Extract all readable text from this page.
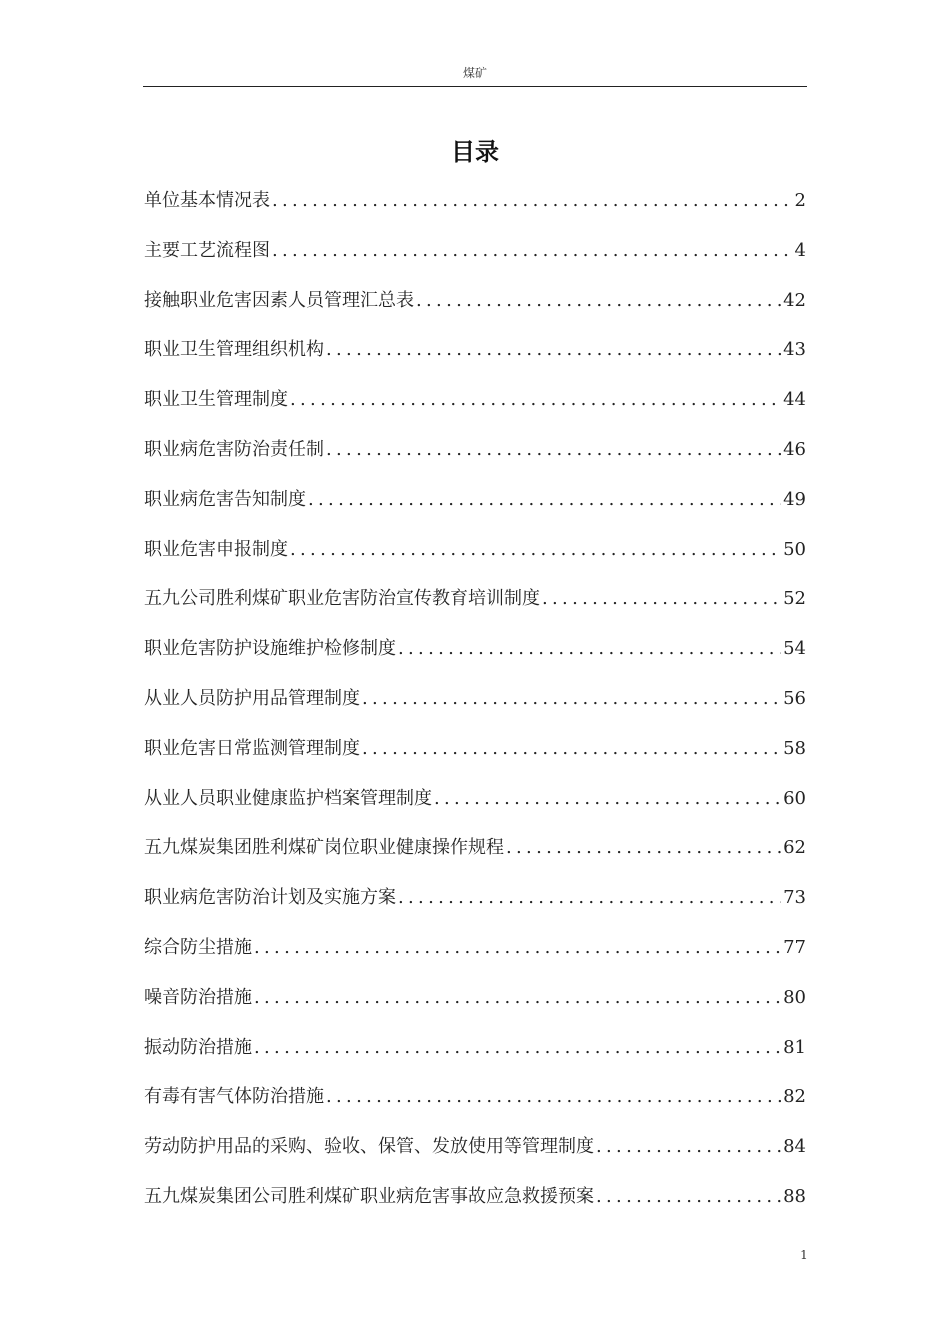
煤矿
目录
单位基本情况表 .....	2
主要工艺流程图 .....	4
接触职业危害因素人员管理汇总表 .....	42
职业卫生管理组织机构 .....	43
职业卫生管理制度 .....	44
职业病危害防治责任制 .....	46
职业病危害告知制度 .....	49
职业危害申报制度 .....	50
五九公司胜利煤矿职业危害防治宣传教育培训制度 .....	52
职业危害防护设施维护检修制度 .....	54
从业人员防护用品管理制度 .....	56
职业危害日常监测管理制度 .....	58
从业人员职业健康监护档案管理制度 .....	60
五九煤炭集团胜利煤矿岗位职业健康操作规程 .....	62
职业病危害防治计划及实施方案 .....	73
综合防尘措施 .....	77
噪音防治措施 .....	80
振动防治措施 .....	81
有毒有害气体防治措施 .....	82
劳动防护用品的采购、验收、保管、发放使用等管理制度 .....	84
五九煤炭集团公司胜利煤矿职业病危害事故应急救援预案 .....	88
1
